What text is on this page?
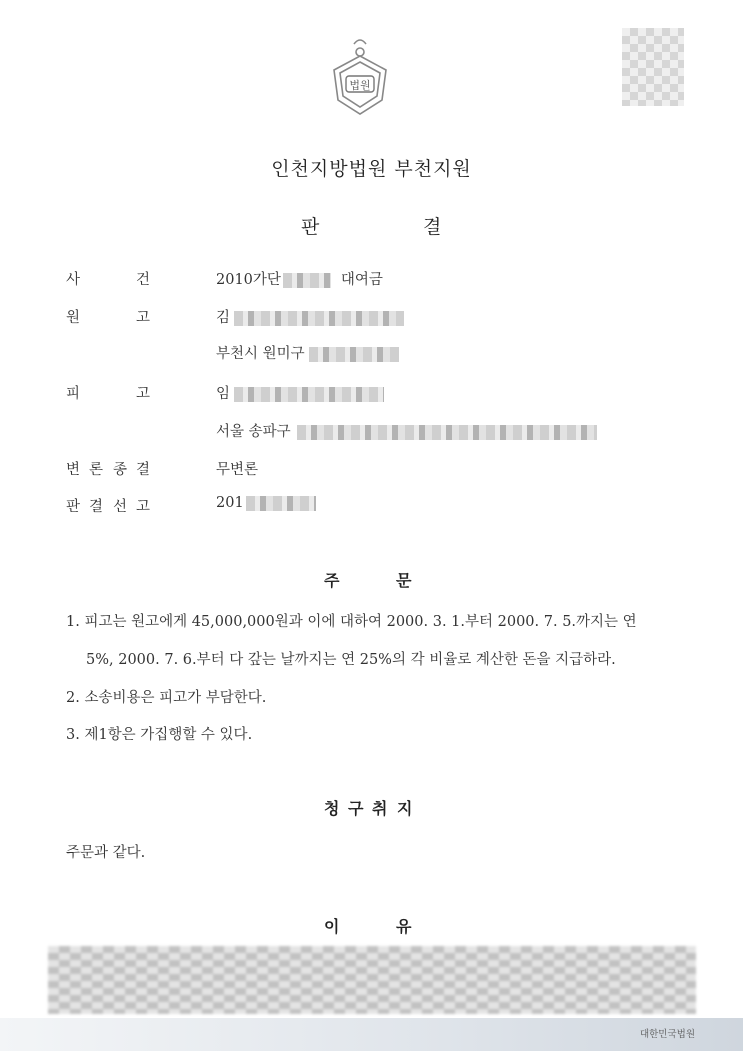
법원
인천지방법원 부천지원
판	결
사	건	2010가단	대여금
원	고	김
부천시 원미구
피	고	임
서울 송파구
변 론 종 결	무변론
판 결 선 고	201
주	문
1. 피고는 원고에게 45,000,000원과 이에 대하여 2000. 3. 1.부터 2000. 7. 5.까지는 연
5%, 2000. 7. 6.부터 다 갚는 날까지는 연 25%의 각 비율로 계산한 돈을 지급하라.
2. 소송비용은 피고가 부담한다.
3. 제1항은 가집행할 수 있다.
청 구 취 지
주문과 같다.
이	유
대한민국법원
